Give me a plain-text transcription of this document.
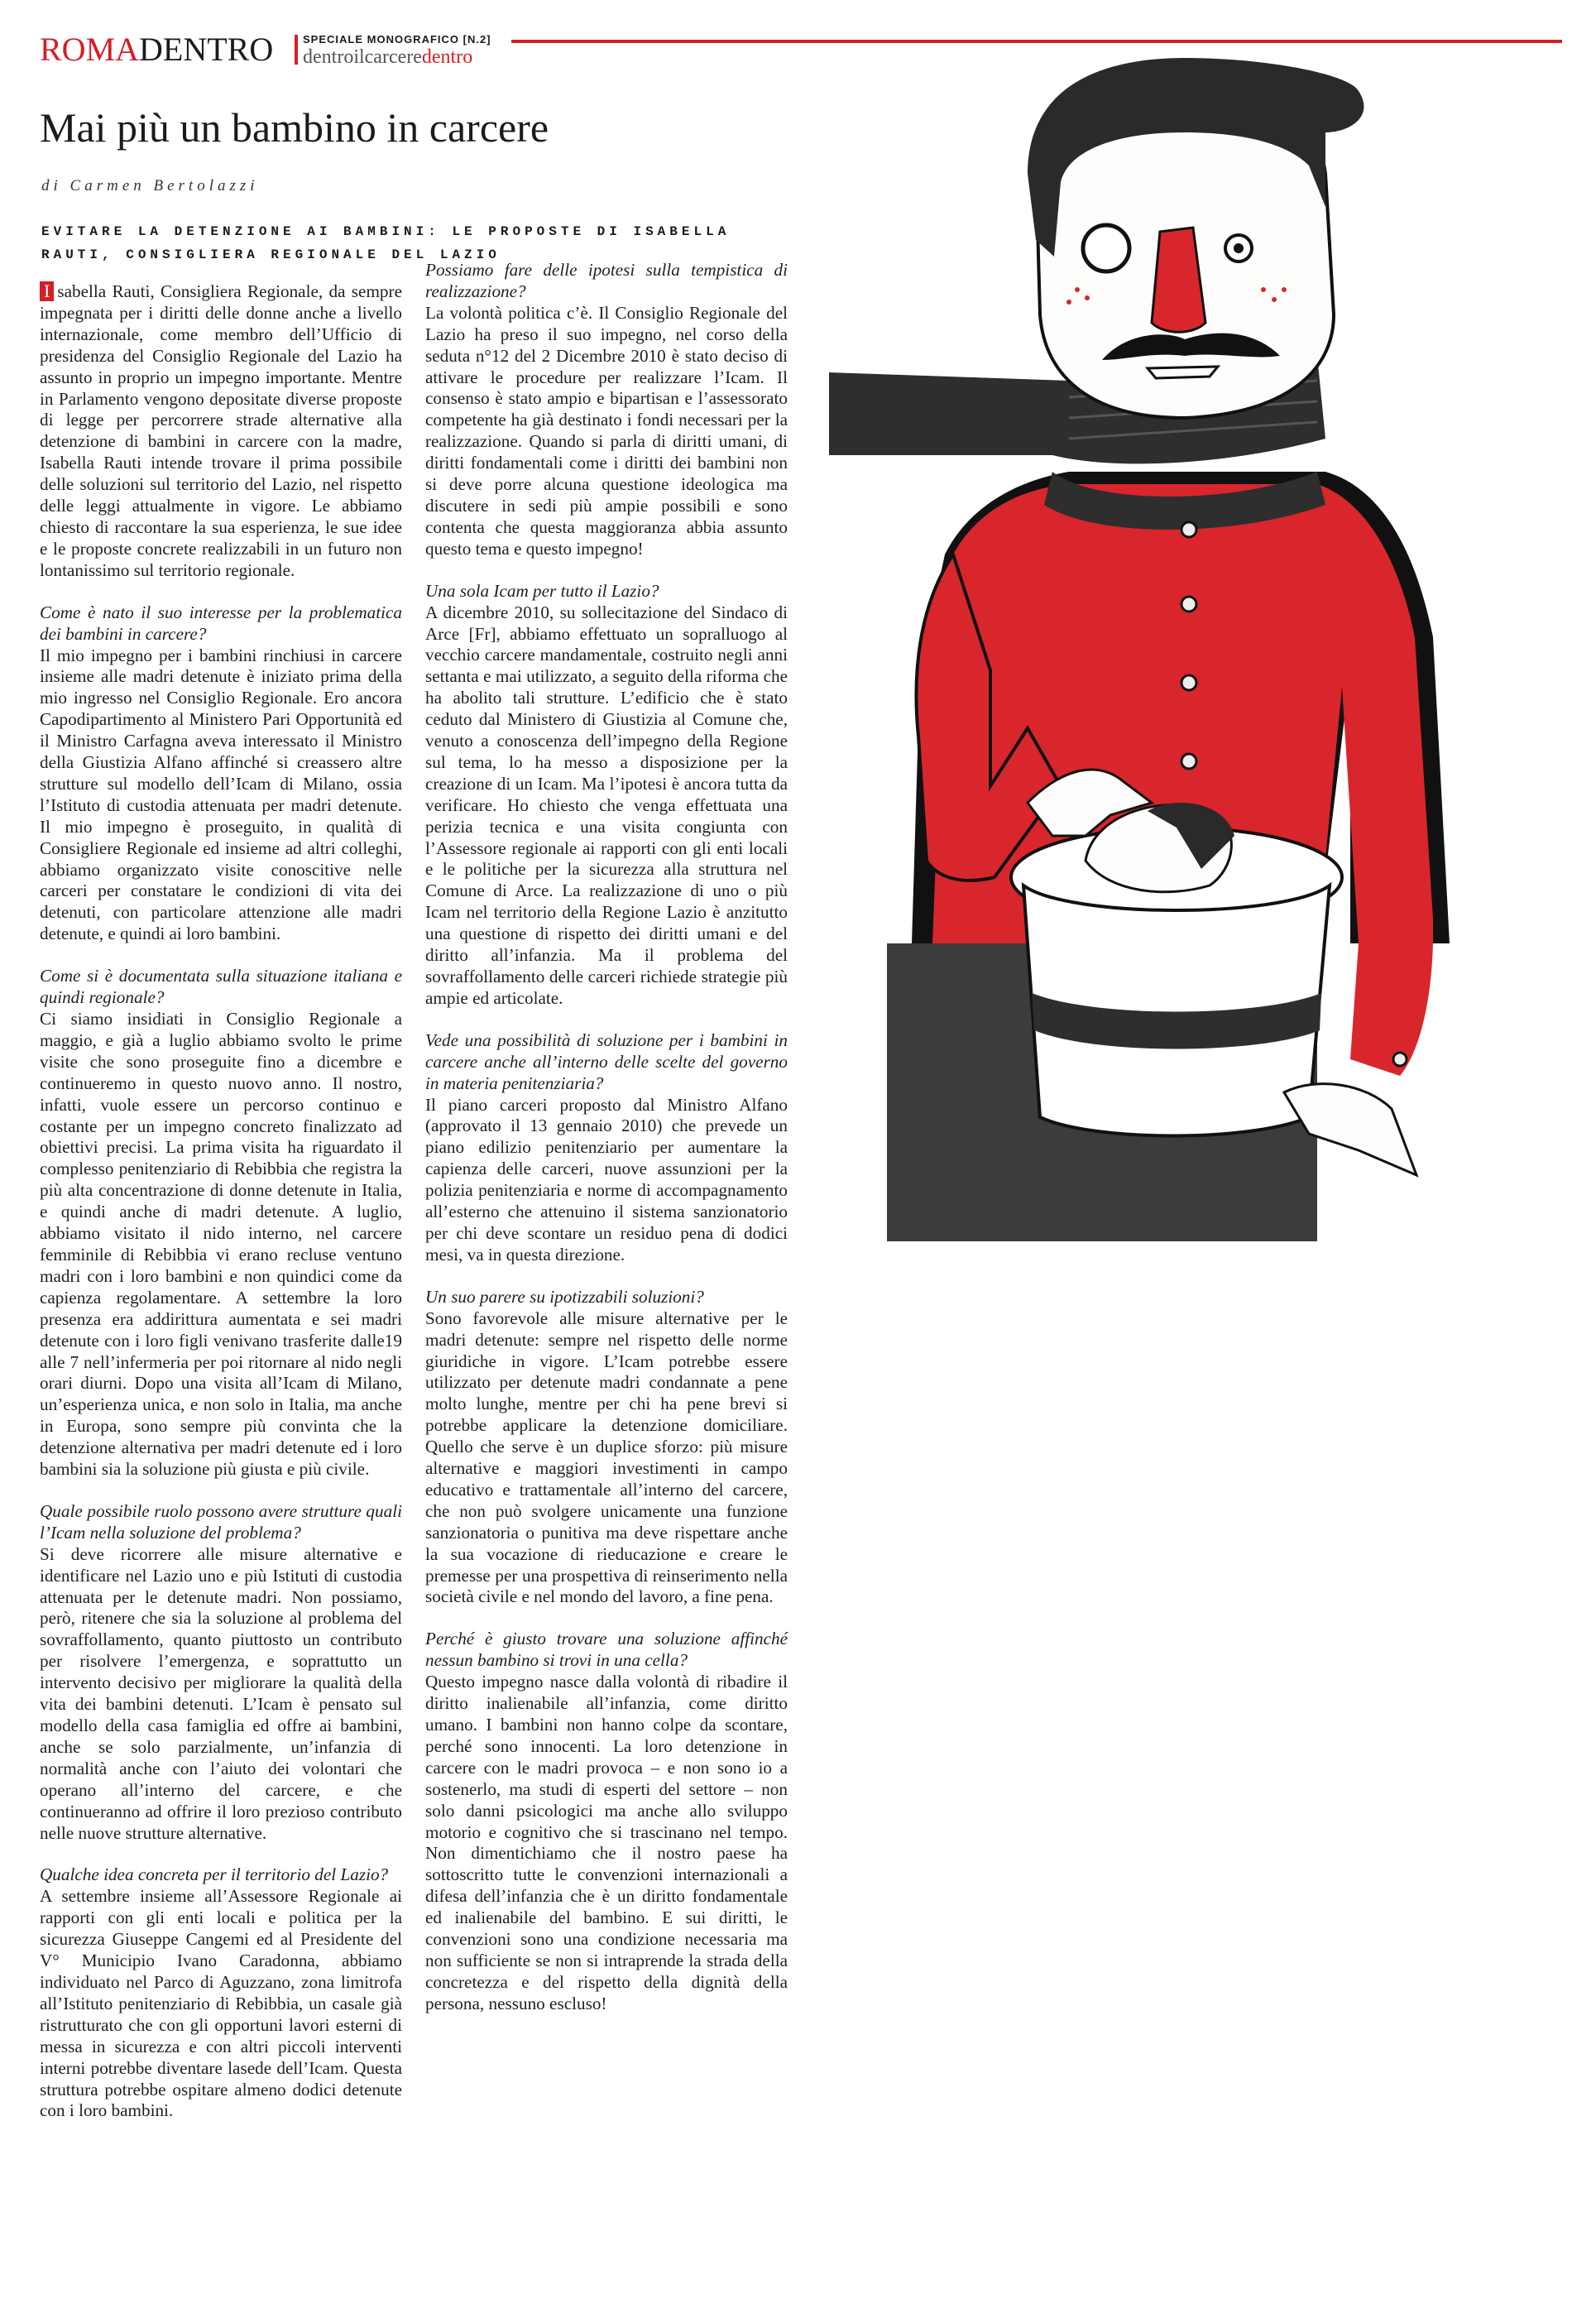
ROMADENTRO	SPECIALE MONOGRAFICO [N.2]
dentroilcarceredentro
Mai più un bambino in carcere
di Carmen Bertolazzi
EVITARE LA DETENZIONE AI BAMBINI: LE PROPOSTE DI ISABELLA RAUTI, CONSIGLIERA REGIONALE DEL LAZIO

I sabella Rauti, Consigliera Regionale, da sempre impegnata per i diritti delle donne anche a livello internazionale, come membro dell’Ufficio di presidenza del Consiglio Regionale del Lazio ha assunto in proprio un impegno importante. Mentre in Parlamento vengono depositate diverse proposte di legge per percorrere strade alternative alla detenzione di bambini in carcere con la madre, Isabella Rauti intende trovare il prima possibile delle soluzioni sul territorio del Lazio, nel rispetto delle leggi attualmente in vigore. Le abbiamo chiesto di raccontare la sua esperienza, le sue idee e le proposte concrete realizzabili in un futuro non lontanissimo sul territorio regionale.

Come è nato il suo interesse per la problematica dei bambini in carcere?

Il mio impegno per i bambini rinchiusi in carcere insieme alle madri detenute è iniziato prima della mio ingresso nel Consiglio Regionale. Ero ancora Capodipartimento al Ministero Pari Opportunità ed il Ministro Carfagna aveva interessato il Ministro della Giustizia Alfano affinché si creassero altre strutture sul modello dell’Icam di Milano, ossia l’Istituto di custodia attenuata per madri detenute. Il mio impegno è proseguito, in qualità di Consigliere Regionale ed insieme ad altri colleghi, abbiamo organizzato visite conoscitive nelle carceri per constatare le condizioni di vita dei detenuti, con particolare attenzione alle madri detenute, e quindi ai loro bambini.

Come si è documentata sulla situazione italiana e quindi regionale?

Ci siamo insidiati in Consiglio Regionale a maggio, e già a luglio abbiamo svolto le prime visite che sono proseguite fino a dicembre e continueremo in questo nuovo anno. Il nostro, infatti, vuole essere un percorso continuo e costante per un impegno concreto finalizzato ad obiettivi precisi. La prima visita ha riguardato il complesso penitenziario di Rebibbia che registra la più alta concentrazione di donne detenute in Italia, e quindi anche di madri detenute. A luglio, abbiamo visitato il nido interno, nel carcere femminile di Rebibbia vi erano recluse ventuno madri con i loro bambini e non quindici come da capienza regolamentare. A settembre la loro presenza era addirittura aumentata e sei madri detenute con i loro figli venivano trasferite dalle19 alle 7 nell’infermeria per poi ritornare al nido negli orari diurni. Dopo una visita all’Icam di Milano, un’esperienza unica, e non solo in Italia, ma anche in Europa, sono sempre più convinta che la detenzione alternativa per madri detenute ed i loro bambini sia la soluzione più giusta e più civile.

Quale possibile ruolo possono avere strutture quali l’Icam nella soluzione del problema?

Si deve ricorrere alle misure alternative e identificare nel Lazio uno e più Istituti di custodia attenuata per le detenute madri. Non possiamo, però, ritenere che sia la soluzione al problema del sovraffollamento, quanto piuttosto un contributo per risolvere l’emergenza, e soprattutto un intervento decisivo per migliorare la qualità della vita dei bambini detenuti. L’Icam è pensato sul modello della casa famiglia ed offre ai bambini, anche se solo parzialmente, un’infanzia di normalità anche con l’aiuto dei volontari che operano all’interno del carcere, e che continueranno ad offrire il loro prezioso contributo nelle nuove strutture alternative.

Qualche idea concreta per il territorio del Lazio?

A settembre insieme all’Assessore Regionale ai rapporti con gli enti locali e politica per la sicurezza Giuseppe Cangemi ed al Presidente del V° Municipio Ivano Caradonna, abbiamo individuato nel Parco di Aguzzano, zona limitrofa all’Istituto penitenziario di Rebibbia, un casale già ristrutturato che con gli opportuni lavori esterni di messa in sicurezza e con altri piccoli interventi interni potrebbe diventare lasede dell’Icam. Questa struttura potrebbe ospitare almeno dodici detenute con i loro bambini.

Possiamo fare delle ipotesi sulla tempistica di realizzazione?

La volontà politica c’è. Il Consiglio Regionale del Lazio ha preso il suo impegno, nel corso della seduta n°12 del 2 Dicembre 2010 è stato deciso di attivare le procedure per realizzare l’Icam. Il consenso è stato ampio e bipartisan e l’assessorato competente ha già destinato i fondi necessari per la realizzazione. Quando si parla di diritti umani, di diritti fondamentali come i diritti dei bambini non si deve porre alcuna questione ideologica ma discutere in sedi più ampie possibili e sono contenta che questa maggioranza abbia assunto questo tema e questo impegno!

Una sola Icam per tutto il Lazio?

A dicembre 2010, su sollecitazione del Sindaco di Arce [Fr], abbiamo effettuato un sopralluogo al vecchio carcere mandamentale, costruito negli anni settanta e mai utilizzato, a seguito della riforma che ha abolito tali strutture. L’edificio che è stato ceduto dal Ministero di Giustizia al Comune che, venuto a conoscenza dell’impegno della Regione sul tema, lo ha messo a disposizione per la creazione di un Icam. Ma l’ipotesi è ancora tutta da verificare. Ho chiesto che venga effettuata una perizia tecnica e una visita congiunta con l’Assessore regionale ai rapporti con gli enti locali e le politiche per la sicurezza alla struttura nel Comune di Arce. La realizzazione di uno o più Icam nel territorio della Regione Lazio è anzitutto una questione di rispetto dei diritti umani e del diritto all’infanzia. Ma il problema del sovraffollamento delle carceri richiede strategie più ampie ed articolate.

Vede una possibilità di soluzione per i bambini in carcere anche all’interno delle scelte del governo in materia penitenziaria?

Il piano carceri proposto dal Ministro Alfano (approvato il 13 gennaio 2010) che prevede un piano edilizio penitenziario per aumentare la capienza delle carceri, nuove assunzioni per la polizia penitenziaria e norme di accompagnamento all’esterno che attenuino il sistema sanzionatorio per chi deve scontare un residuo pena di dodici mesi, va in questa direzione.

Un suo parere su ipotizzabili soluzioni?

Sono favorevole alle misure alternative per le madri detenute: sempre nel rispetto delle norme giuridiche in vigore. L’Icam potrebbe essere utilizzato per detenute madri condannate a pene molto lunghe, mentre per chi ha pene brevi si potrebbe applicare la detenzione domiciliare. Quello che serve è un duplice sforzo: più misure alternative e maggiori investimenti in campo educativo e trattamentale all’interno del carcere, che non può svolgere unicamente una funzione sanzionatoria o punitiva ma deve rispettare anche la sua vocazione di rieducazione e creare le premesse per una prospettiva di reinserimento nella società civile e nel mondo del lavoro, a fine pena.

Perché è giusto trovare una soluzione affinché nessun bambino si trovi in una cella?

Questo impegno nasce dalla volontà di ribadire il diritto inalienabile all’infanzia, come diritto umano. I bambini non hanno colpe da scontare, perché sono innocenti. La loro detenzione in carcere con le madri provoca – e non sono io a sostenerlo, ma studi di esperti del settore – non solo danni psicologici ma anche allo sviluppo motorio e cognitivo che si trascinano nel tempo. Non dimentichiamo che il nostro paese ha sottoscritto tutte le convenzioni internazionali a difesa dell’infanzia che è un diritto fondamentale ed inalienabile del bambino. E sui diritti, le convenzioni sono una condizione necessaria ma non sufficiente se non si intraprende la strada della concretezza e del rispetto della dignità della persona, nessuno escluso!
